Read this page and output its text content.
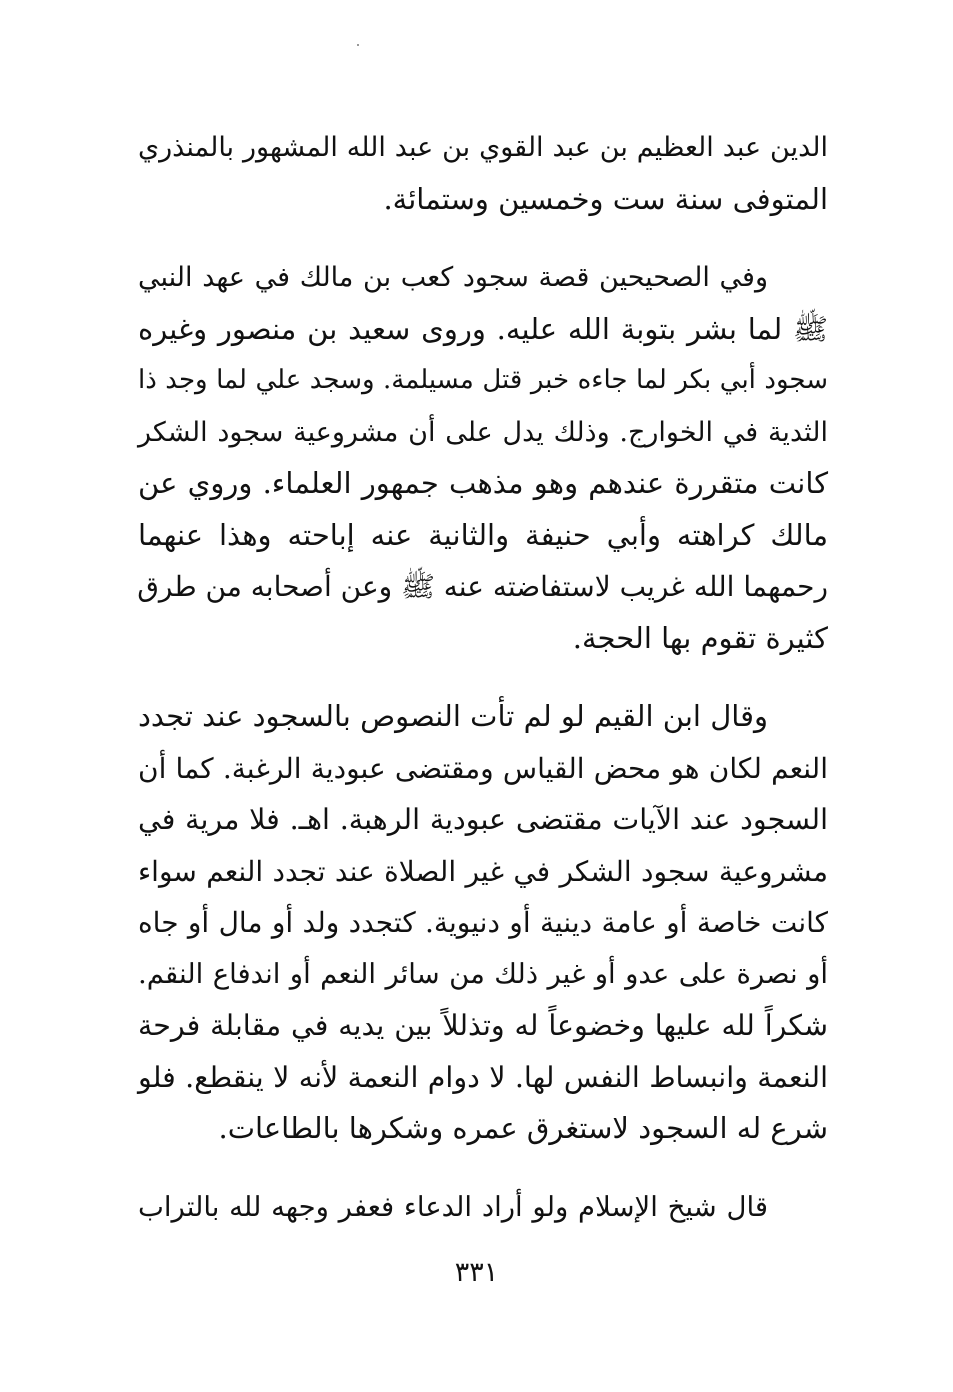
الدين عبد العظيم بن عبد القوي بن عبد الله المشهور بالمنذري
المتوفى سنة ست وخمسين وستمائة.

وفي الصحيحين قصة سجود كعب بن مالك في عهد النبي
ﷺ لما بشر بتوبة الله عليه. وروى سعيد بن منصور وغيره
سجود أبي بكر لما جاءه خبر قتل مسيلمة. وسجد علي لما وجد ذا
الثدية في الخوارج. وذلك يدل على أن مشروعية سجود الشكر
كانت متقررة عندهم وهو مذهب جمهور العلماء. وروي عن
مالك كراهته وأبي حنيفة والثانية عنه إباحته وهذا عنهما
رحمهما الله غريب لاستفاضته عنه ﷺ وعن أصحابه من طرق
كثيرة تقوم بها الحجة.

وقال ابن القيم لو لم تأت النصوص بالسجود عند تجدد
النعم لكان هو محض القياس ومقتضى عبودية الرغبة. كما أن
السجود عند الآيات مقتضى عبودية الرهبة. اهـ. فلا مرية في
مشروعية سجود الشكر في غير الصلاة عند تجدد النعم سواء
كانت خاصة أو عامة دينية أو دنيوية. كتجدد ولد أو مال أو جاه
أو نصرة على عدو أو غير ذلك من سائر النعم أو اندفاع النقم.
شكراً لله عليها وخضوعاً له وتذللاً بين يديه في مقابلة فرحة
النعمة وانبساط النفس لها. لا دوام النعمة لأنه لا ينقطع. فلو
شرع له السجود لاستغرق عمره وشكرها بالطاعات.

قال شيخ الإسلام ولو أراد الدعاء فعفر وجهه لله بالتراب

٣٣١
